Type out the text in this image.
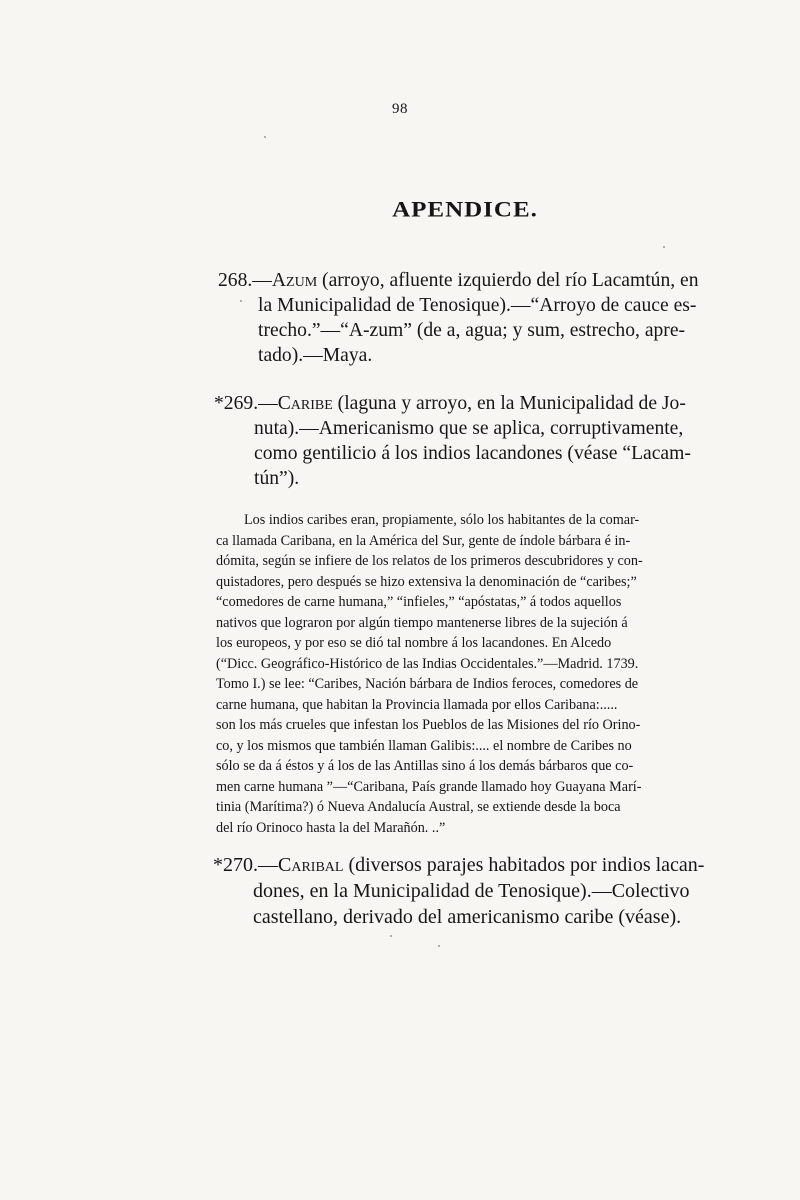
98
APENDICE.
268.—Azum (arroyo, afluente izquierdo del río Lacamtún, en
la Municipalidad de Tenosique).—“Arroyo de cauce es-
trecho.”—“A-zum” (de a, agua; y sum, estrecho, apre-
tado).—Maya.
*269.—Caribe (laguna y arroyo, en la Municipalidad de Jo-
nuta).—Americanismo que se aplica, corruptivamente,
como gentilicio á los indios lacandones (véase “Lacam-
tún”).
Los indios caribes eran, propiamente, sólo los habitantes de la comar-
ca llamada Caribana, en la América del Sur, gente de índole bárbara é in-
dómita, según se infiere de los relatos de los primeros descubridores y con-
quistadores, pero después se hizo extensiva la denominación de “caribes;”
“comedores de carne humana,” “infieles,” “apóstatas,” á todos aquellos
nativos que lograron por algún tiempo mantenerse libres de la sujeción á
los europeos, y por eso se dió tal nombre á los lacandones. En Alcedo
(“Dicc. Geográfico-Histórico de las Indias Occidentales.”—Madrid. 1739.
Tomo I.) se lee: “Caribes, Nación bárbara de Indios feroces, comedores de
carne humana, que habitan la Provincia llamada por ellos Caribana:.....
son los más crueles que infestan los Pueblos de las Misiones del río Orino-
co, y los mismos que también llaman Galibis:.... el nombre de Caribes no
sólo se da á éstos y á los de las Antillas sino á los demás bárbaros que co-
men carne humana ”—“Caribana, País grande llamado hoy Guayana Marí-
tinia (Marítima?) ó Nueva Andalucía Austral, se extiende desde la boca
del río Orinoco hasta la del Marañón. ..”
*270.—Caribal (diversos parajes habitados por indios lacan-
dones, en la Municipalidad de Tenosique).—Colectivo
castellano, derivado del americanismo caribe (véase).
